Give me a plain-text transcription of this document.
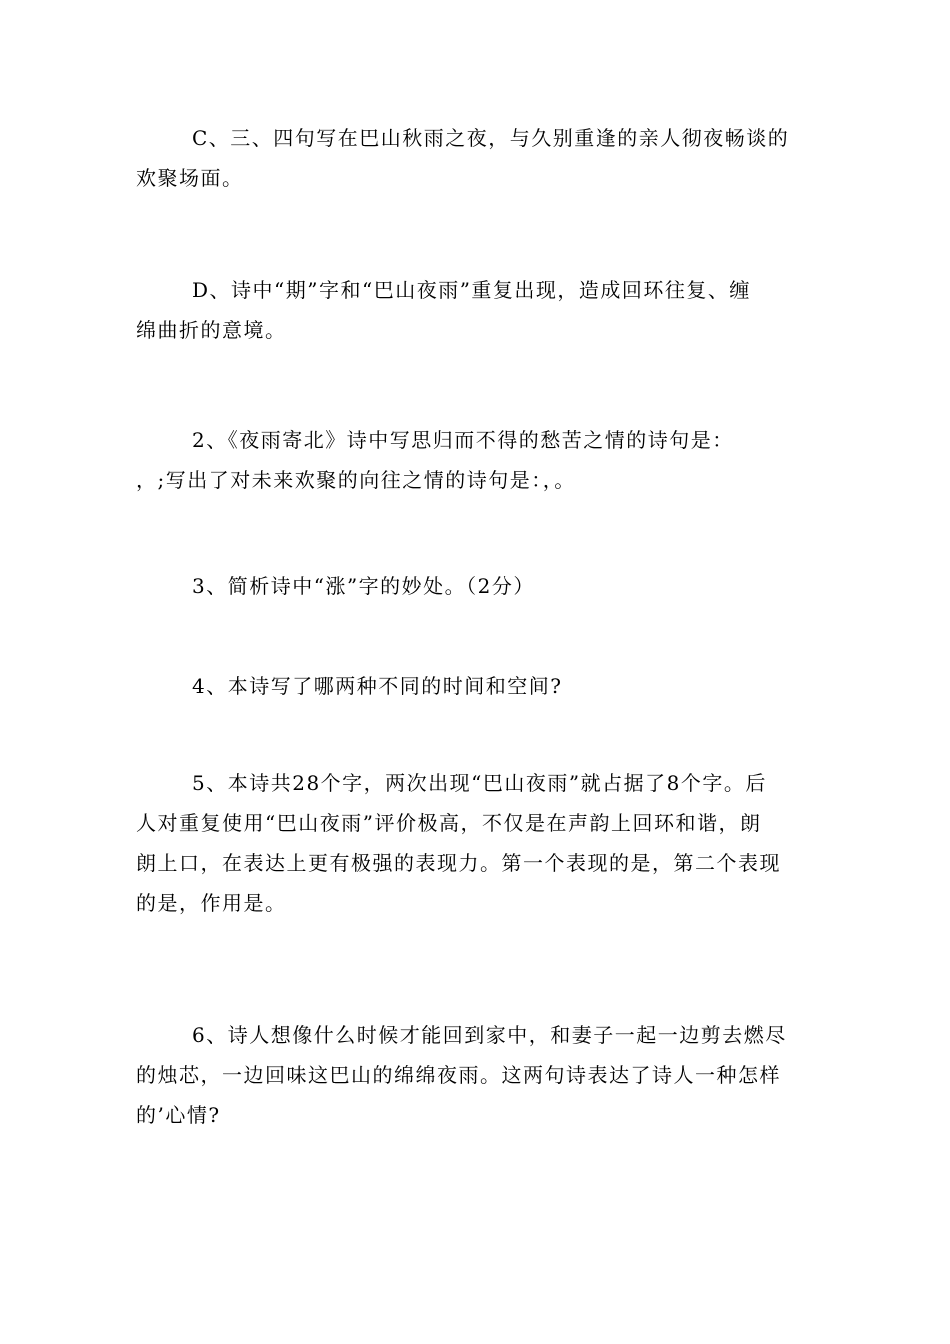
C、三、四句写在巴山秋雨之夜，与久别重逢的亲人彻夜畅谈的
欢聚场面。
D、诗中“期”字和“巴山夜雨”重复出现，造成回环往复、缠
绵曲折的意境。
2、《夜雨寄北》诗中写思归而不得的愁苦之情的诗句是：
，;写出了对未来欢聚的向往之情的诗句是：，。
3、简析诗中“涨”字的妙处。（2分）
4、本诗写了哪两种不同的时间和空间?
5、本诗共28个字，两次出现“巴山夜雨”就占据了8个字。后
人对重复使用“巴山夜雨”评价极高，不仅是在声韵上回环和谐，朗
朗上口，在表达上更有极强的表现力。第一个表现的是，第二个表现
的是，作用是。
6、诗人想像什么时候才能回到家中，和妻子一起一边剪去燃尽
的烛芯，一边回味这巴山的绵绵夜雨。这两句诗表达了诗人一种怎样
的’心情?
